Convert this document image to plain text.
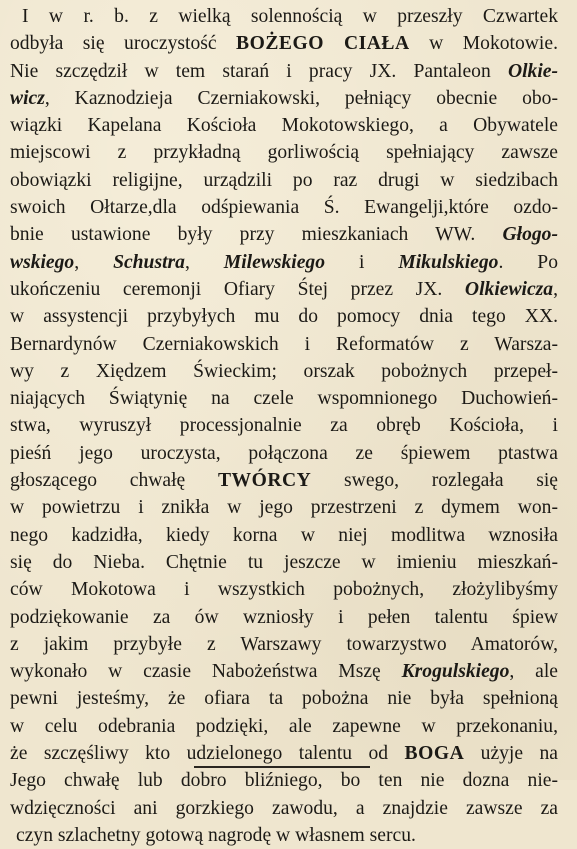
I w r. b. z wielką solennością w przeszły Czwartek
odbyła się uroczystość BOŻEGO CIAŁA w Mokotowie.
Nie szczędził w tem starań i pracy JX. Pantaleon Olkie-
wicz, Kaznodzieja Czerniakowski, pełniący obecnie obo-
wiązki Kapelana Kościoła Mokotowskiego, a Obywatele
miejscowi z przykładną gorliwością spełniający zawsze
obowiązki religijne, urządzili po raz drugi w siedzibach
swoich Ołtarze,dla odśpiewania Ś. Ewangelji,które ozdo-
bnie ustawione były przy mieszkaniach WW. Głogo-
wskiego, Schustra, Milewskiego i Mikulskiego. Po
ukończeniu ceremonji Ofiary Śtej przez JX. Olkiewicza,
w assystencji przybyłych mu do pomocy dnia tego XX.
Bernardynów Czerniakowskich i Reformatów z Warsza-
wy z Xiędzem Świeckim; orszak pobożnych przepeł-
niających Świątynię na czele wspomnionego Duchowień-
stwa, wyruszył processjonalnie za obręb Kościoła, i
pieśń jego uroczysta, połączona ze śpiewem ptastwa
głoszącego chwałę TWÓRCY swego, rozlegała się
w powietrzu i znikła w jego przestrzeni z dymem won-
nego kadzidła, kiedy korna w niej modlitwa wznosiła
się do Nieba. Chętnie tu jeszcze w imieniu mieszkań-
ców Mokotowa i wszystkich pobożnych, złożylibyśmy
podziękowanie za ów wzniosły i pełen talentu śpiew
z jakim przybyłe z Warszawy towarzystwo Amatorów,
wykonało w czasie Nabożeństwa Mszę Krogulskiego, ale
pewni jesteśmy, że ofiara ta pobożna nie była spełnioną
w celu odebrania podzięki, ale zapewne w przekonaniu,
że szczęśliwy kto udzielonego talentu od BOGA użyje na
Jego chwałę lub dobro bliźniego, bo ten nie dozna nie-
wdzięczności ani gorzkiego zawodu, a znajdzie zawsze za
czyn szlachetny gotową nagrodę w własnem sercu.
